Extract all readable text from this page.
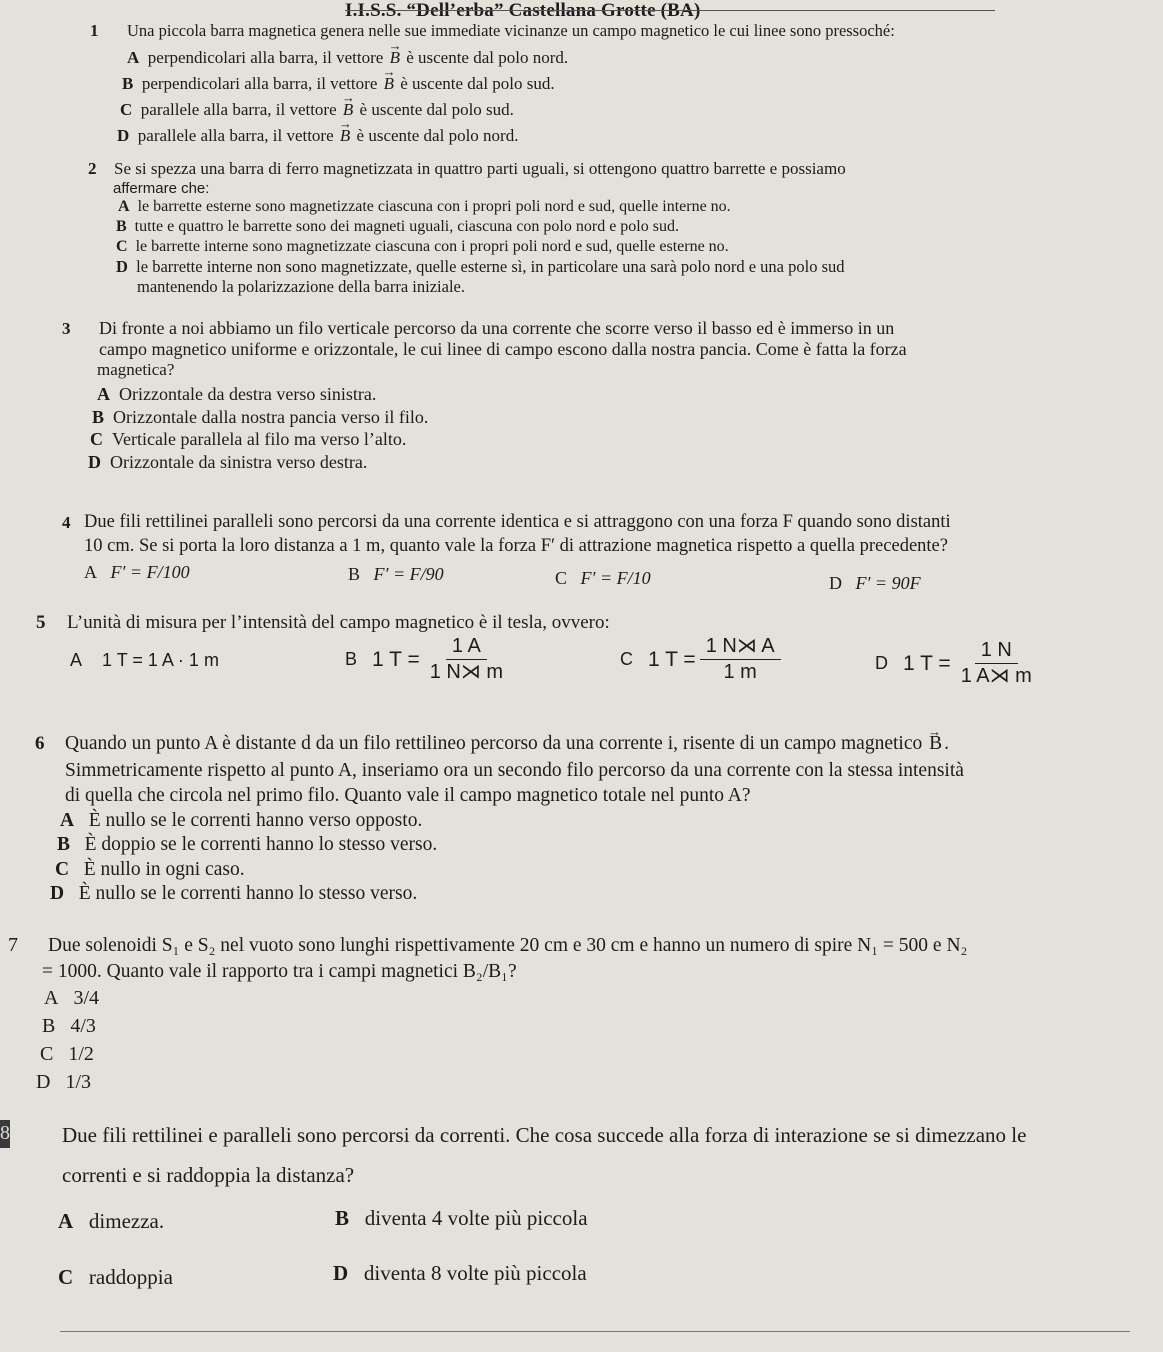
I.I.S.S. “Dell’erba” Castellana Grotte (BA)
1 Una piccola barra magnetica genera nelle sue immediate vicinanze un campo magnetico le cui linee sono pressoché:
A perpendicolari alla barra, il vettore → B è uscente dal polo nord.
B perpendicolari alla barra, il vettore → B è uscente dal polo sud.
C parallele alla barra, il vettore → B è uscente dal polo sud.
D parallele alla barra, il vettore → B è uscente dal polo nord.
2 Se si spezza una barra di ferro magnetizzata in quattro parti uguali, si ottengono quattro barrette e possiamo
affermare che:
A le barrette esterne sono magnetizzate ciascuna con i propri poli nord e sud, quelle interne no.
B tutte e quattro le barrette sono dei magneti uguali, ciascuna con polo nord e polo sud.
C le barrette interne sono magnetizzate ciascuna con i propri poli nord e sud, quelle esterne no.
D le barrette interne non sono magnetizzate, quelle esterne sì, in particolare una sarà polo nord e una polo sud
mantenendo la polarizzazione della barra iniziale.
3 Di fronte a noi abbiamo un filo verticale percorso da una corrente che scorre verso il basso ed è immerso in un
campo magnetico uniforme e orizzontale, le cui linee di campo escono dalla nostra pancia. Come è fatta la forza
magnetica?
A Orizzontale da destra verso sinistra.
B Orizzontale dalla nostra pancia verso il filo.
C Verticale parallela al filo ma verso l’alto.
D Orizzontale da sinistra verso destra.
4 Due fili rettilinei paralleli sono percorsi da una corrente identica e si attraggono con una forza F quando sono distanti
10 cm. Se si porta la loro distanza a 1 m, quanto vale la forza F′ di attrazione magnetica rispetto a quella precedente?
A F′ = F/100	B F′ = F/90	C F′ = F/10	D F′ = 90F
5 L’unità di misura per l’intensità del campo magnetico è il tesla, ovvero:
A 1 T = 1 A · 1 m	B
1 $T = \frac{1 A}{1 N⋊ m}$	C
1 $T = \frac{1 N⋊ A}{1 m}$	D
1 $T = \frac{1 N}{1 A⋊ m}$
6 Quando un punto A è distante d da un filo rettilineo percorso da una corrente i, risente di un campo magnetico → B .
Simmetricamente rispetto al punto A, inseriamo ora un secondo filo percorso da una corrente con la stessa intensità
di quella che circola nel primo filo. Quanto vale il campo magnetico totale nel punto A?
A È nullo se le correnti hanno verso opposto.
B È doppio se le correnti hanno lo stesso verso.
C È nullo in ogni caso.
D È nullo se le correnti hanno lo stesso verso.
7 Due solenoidi S₁ e S₂ nel vuoto sono lunghi rispettivamente 20 cm e 30 cm e hanno un numero di spire N₁ = 500 e N₂
= 1000. Quanto vale il rapporto tra i campi magnetici B₂/B₁?
A 3/4
B 4/3
C 1/2
D 1/3
8 Due fili rettilinei e paralleli sono percorsi da correnti. Che cosa succede alla forza di interazione se si dimezzano le
correnti e si raddoppia la distanza?
A dimezza.	B diventa 4 volte più piccola
C raddoppia	D diventa 8 volte più piccola
